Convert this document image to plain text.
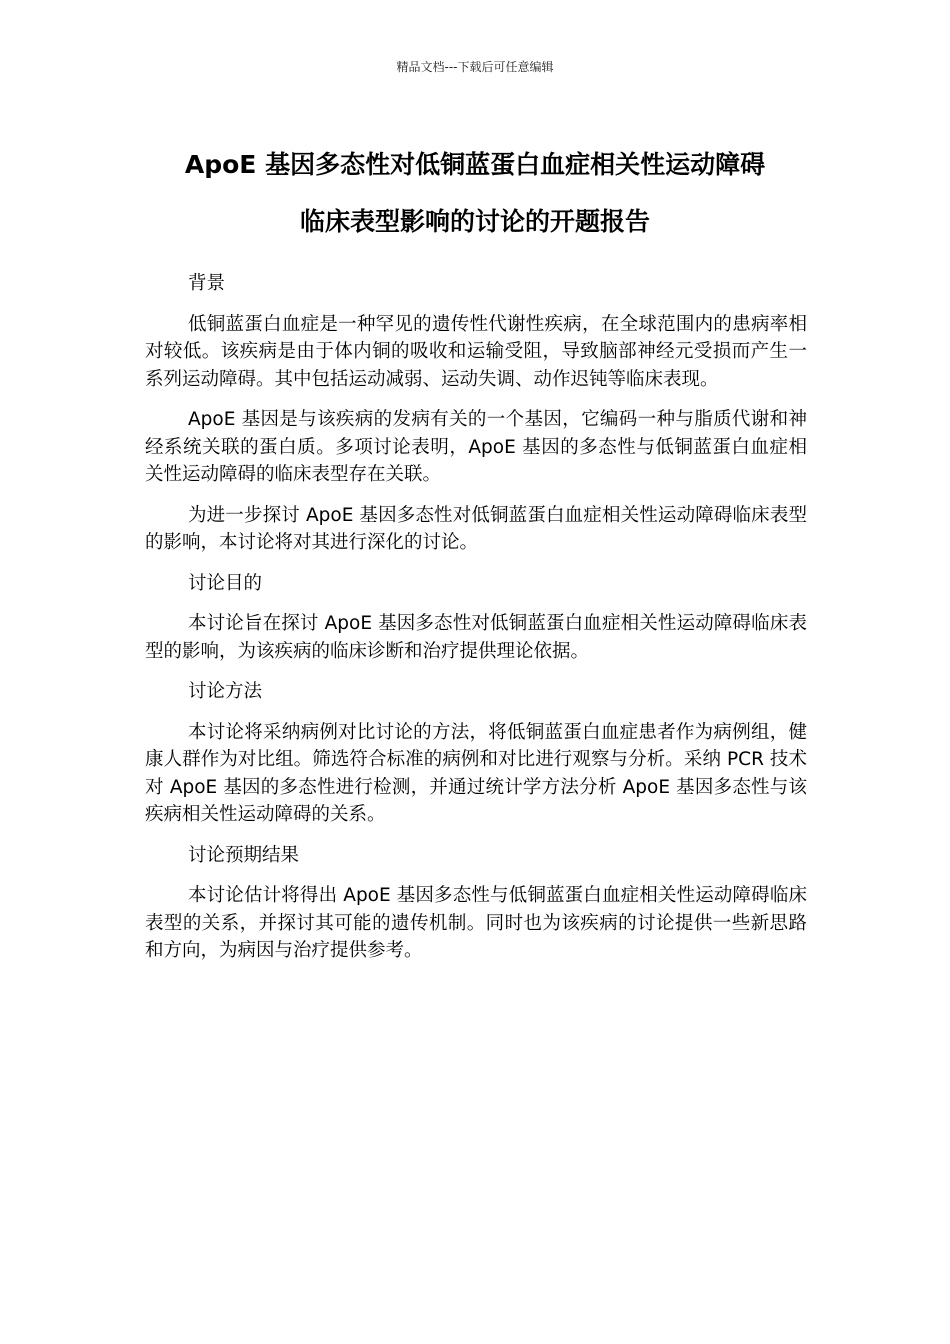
精品文档---下载后可任意编辑
ApoE 基因多态性对低铜蓝蛋白血症相关性运动障碍
临床表型影响的讨论的开题报告

背景

低铜蓝蛋白血症是一种罕见的遗传性代谢性疾病，在全球范围内的患病率相对较低。该疾病是由于体内铜的吸收和运输受阻，导致脑部神经元受损而产生一系列运动障碍。其中包括运动减弱、运动失调、动作迟钝等临床表现。

ApoE 基因是与该疾病的发病有关的一个基因，它编码一种与脂质代谢和神经系统关联的蛋白质。多项讨论表明，ApoE 基因的多态性与低铜蓝蛋白血症相关性运动障碍的临床表型存在关联。

为进一步探讨 ApoE 基因多态性对低铜蓝蛋白血症相关性运动障碍临床表型的影响，本讨论将对其进行深化的讨论。

讨论目的

本讨论旨在探讨 ApoE 基因多态性对低铜蓝蛋白血症相关性运动障碍临床表型的影响，为该疾病的临床诊断和治疗提供理论依据。

讨论方法

本讨论将采纳病例对比讨论的方法，将低铜蓝蛋白血症患者作为病例组，健康人群作为对比组。筛选符合标准的病例和对比进行观察与分析。采纳 PCR 技术对 ApoE 基因的多态性进行检测，并通过统计学方法分析 ApoE 基因多态性与该疾病相关性运动障碍的关系。

讨论预期结果

本讨论估计将得出 ApoE 基因多态性与低铜蓝蛋白血症相关性运动障碍临床表型的关系，并探讨其可能的遗传机制。同时也为该疾病的讨论提供一些新思路和方向，为病因与治疗提供参考。
